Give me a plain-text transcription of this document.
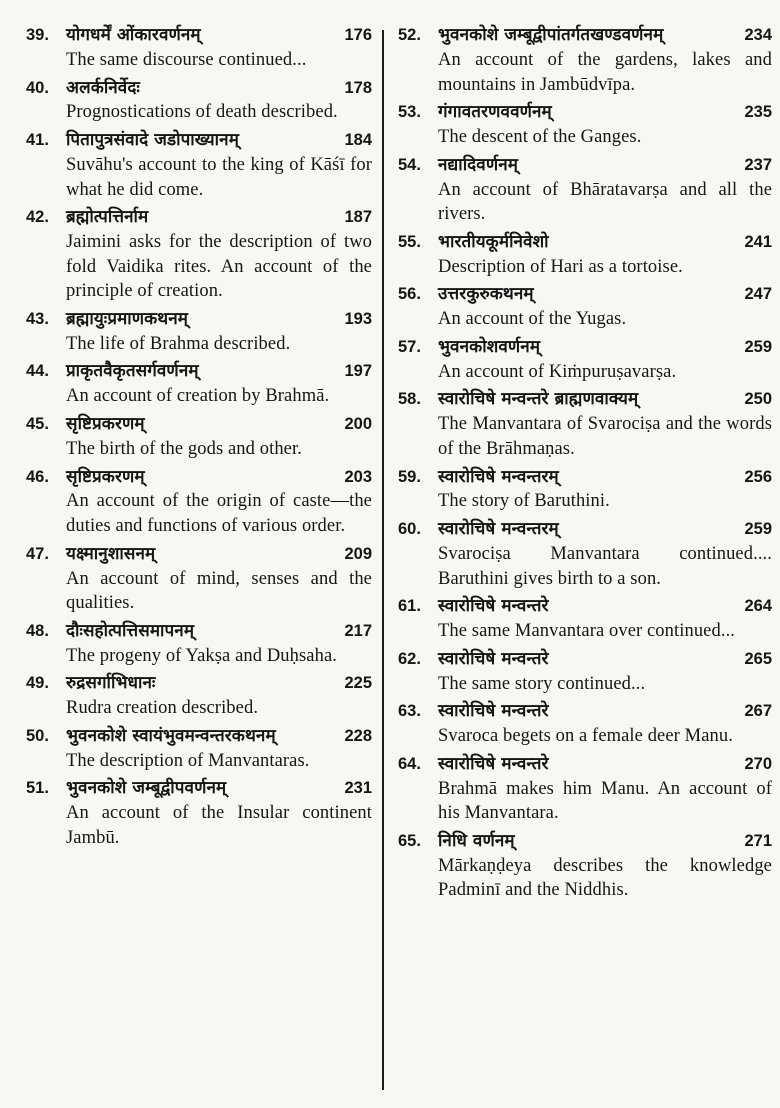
39.	योगधर्में ओंकारवर्णनम्	176
The same discourse continued...
40.	अलर्कनिर्वेदः	178
Prognostications of death described.
41.	पितापुत्रसंवादे जडोपाख्यानम्	184
Suvāhu's account to the king of Kāśī for what he did come.
42.	ब्रह्मोत्पत्तिर्नाम	187
Jaimini asks for the description of two fold Vaidika rites. An account of the principle of creation.
43.	ब्रह्मायुःप्रमाणकथनम्	193
The life of Brahma described.
44.	प्राकृतवैकृतसर्गवर्णनम्	197
An account of creation by Brahmā.
45.	सृष्टिप्रकरणम्	200
The birth of the gods and other.
46.	सृष्टिप्रकरणम्	203
An account of the origin of caste—the duties and functions of various order.
47.	यक्ष्मानुशासनम्	209
An account of mind, senses and the qualities.
48.	दौःसहोत्पत्तिसमापनम्	217
The progeny of Yakṣa and Duḥsaha.
49.	रुद्रसर्गाभिधानः	225
Rudra creation described.
50.	भुवनकोशे स्वायंभुवमन्वन्तरकथनम्	228
The description of Manvantaras.
51.	भुवनकोशे जम्बूद्वीपवर्णनम्	231
An account of the Insular continent Jambū.
52.	भुवनकोशे जम्बूद्वीपांतर्गतखण्डवर्णनम्	234
An account of the gardens, lakes and mountains in Jambūdvīpa.
53.	गंगावतरणववर्णनम्	235
The descent of the Ganges.
54.	नद्यादिवर्णनम्	237
An account of Bhāratavarṣa and all the rivers.
55.	भारतीयकूर्मनिवेशो	241
Description of Hari as a tortoise.
56.	उत्तरकुरुकथनम्	247
An account of the Yugas.
57.	भुवनकोशवर्णनम्	259
An account of Kiṁpuruṣavarṣa.
58.	स्वारोचिषे मन्वन्तरे ब्राह्मणवाक्यम्	250
The Manvantara of Svarociṣa and the words of the Brāhmaṇas.
59.	स्वारोचिषे मन्वन्तरम्	256
The story of Baruthini.
60.	स्वारोचिषे मन्वन्तरम्	259
Svarociṣa Manvantara continued.... Baruthini gives birth to a son.
61.	स्वारोचिषे मन्वन्तरे	264
The same Manvantara over continued...
62.	स्वारोचिषे मन्वन्तरे	265
The same story continued...
63.	स्वारोचिषे मन्वन्तरे	267
Svaroca begets on a female deer Manu.
64.	स्वारोचिषे मन्वन्तरे	270
Brahmā makes him Manu. An account of his Manvantara.
65.	निधि वर्णनम्	271
Mārkaṇḍeya describes the knowledge Padminī and the Niddhis.
